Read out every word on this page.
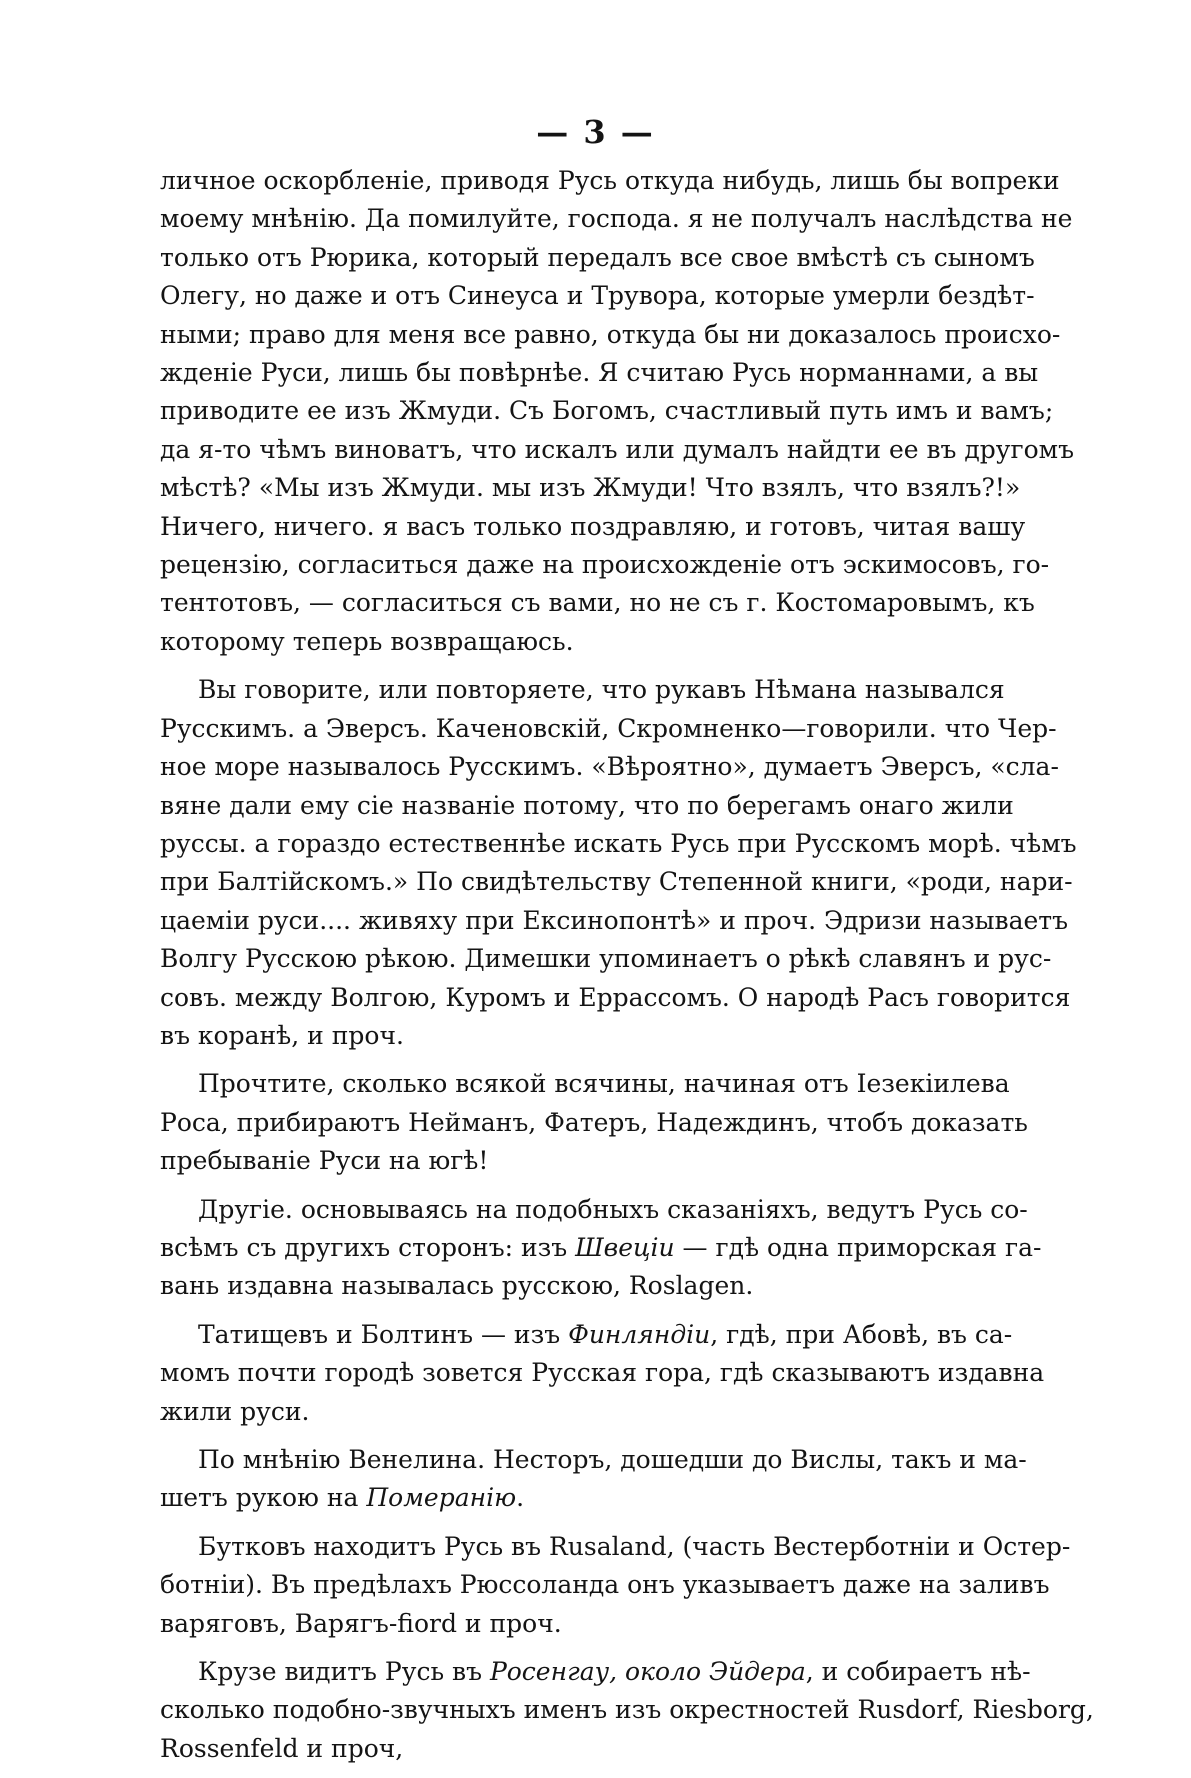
— 3 —
личное оскорбленіе, приводя Русь откуда нибудь, лишь бы вопреки
моему мнѣнію. Да помилуйте, господа. я не получалъ наслѣдства не
только отъ Рюрика, который передалъ все свое вмѣстѣ съ сыномъ
Олегу, но даже и отъ Синеуса и Трувора, которые умерли бездѣт-
ными; право для меня все равно, откуда бы ни доказалось происхо-
жденіе Руси, лишь бы повѣрнѣе. Я считаю Русь норманнами, а вы
приводите ее изъ Жмуди. Съ Богомъ, счастливый путь имъ и вамъ;
да я-то чѣмъ виноватъ, что искалъ или думалъ найдти ее въ другомъ
мѣстѣ? «Мы изъ Жмуди. мы изъ Жмуди! Что взялъ, что взялъ?!»
Ничего, ничего. я васъ только поздравляю, и готовъ, читая вашу
рецензію, согласиться даже на происхожденіе отъ эскимосовъ, го-
тентотовъ, — согласиться съ вами, но не съ г. Костомаровымъ, къ
которому теперь возвращаюсь.
Вы говорите, или повторяете, что рукавъ Нѣмана назывался
Русскимъ. а Эверсъ. Каченовскій, Скромненко—говорили. что Чер-
ное море называлось Русскимъ. «Вѣроятно», думаетъ Эверсъ, «сла-
вяне дали ему сіе названіе потому, что по берегамъ онаго жили
руссы. а гораздо естественнѣе искать Русь при Русскомъ морѣ. чѣмъ
при Балтійскомъ.» По свидѣтельству Степенной книги, «роди, нари-
цаеміи руси.... живяху при Ексинопонтѣ» и проч. Эдризи называетъ
Волгу Русскою рѣкою. Димешки упоминаетъ о рѣкѣ славянъ и рус-
совъ. между Волгою, Куромъ и Еррассомъ. О народѣ Расъ говорится
въ коранѣ, и проч.
Прочтите, сколько всякой всячины, начиная отъ Іезекіилева
Роса, прибираютъ Нейманъ, Фатеръ, Надеждинъ, чтобъ доказать
пребываніе Руси на югѣ!
Другіе. основываясь на подобныхъ сказаніяхъ, ведутъ Русь со-
всѣмъ съ другихъ сторонъ: изъ Швеціи — гдѣ одна приморская га-
вань издавна называлась русскою, Roslagen.
Татищевъ и Болтинъ — изъ Финляндіи, гдѣ, при Абовѣ, въ са-
момъ почти городѣ зовется Русская гора, гдѣ сказываютъ издавна
жили руси.
По мнѣнію Венелина. Несторъ, дошедши до Вислы, такъ и ма-
шетъ рукою на Померанію.
Бутковъ находитъ Русь въ Rusaland, (часть Вестерботніи и Остер-
ботніи). Въ предѣлахъ Рюссоланда онъ указываетъ даже на заливъ
варяговъ, Варягъ-fiord и проч.
Крузе видитъ Русь въ Росенгау, около Эйдера, и собираетъ нѣ-
сколько подобно-звучныхъ именъ изъ окрестностей Rusdorf, Riesborg,
Rossenfeld и проч,
